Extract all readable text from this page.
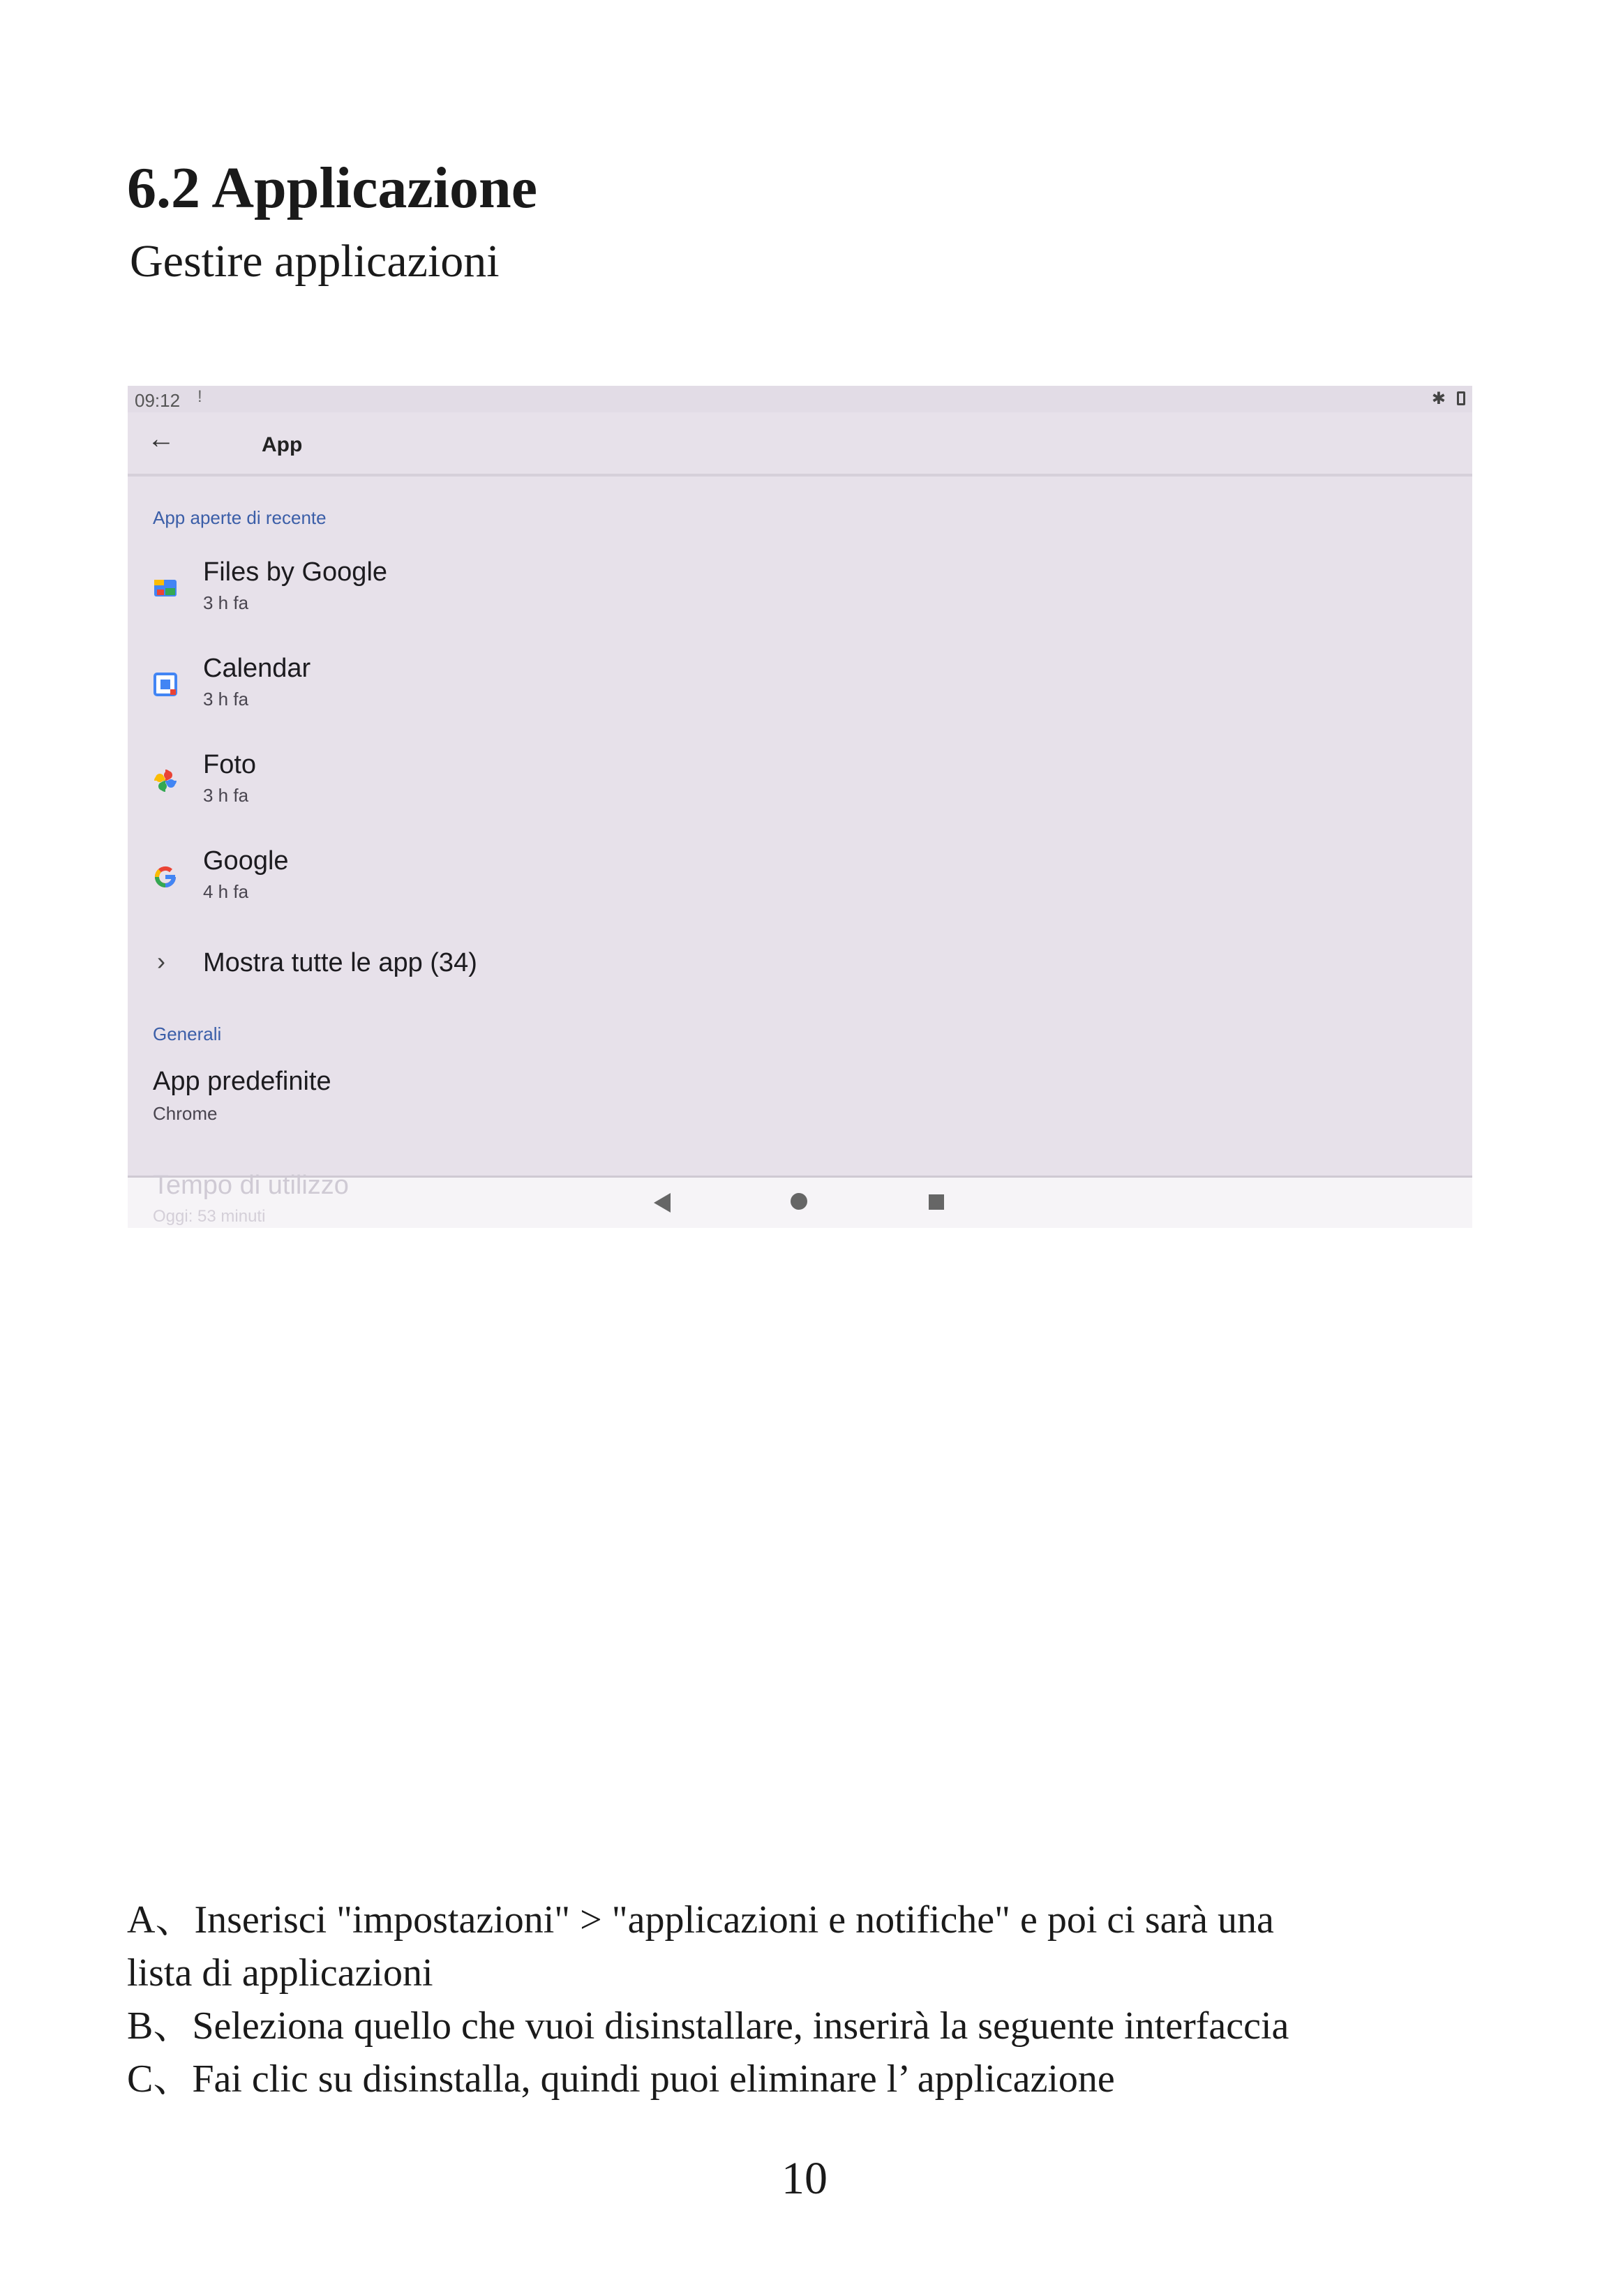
6.2 Applicazione
Gestire applicazioni
09:12 !	✱
←	App
App aperte di recente
Files by Google
3 h fa
Calendar
3 h fa
Foto
3 h fa
Google
4 h fa
› Mostra tutte le app (34)
Generali
App predefinite
Chrome
Tempo di utilizzo
Oggi: 53 minuti
A、Inserisci "impostazioni" > "applicazioni e notifiche" e poi ci sarà una
lista di applicazioni
B、Seleziona quello che vuoi disinstallare, inserirà la seguente interfaccia
C、Fai clic su disinstalla, quindi puoi eliminare l’ applicazione
10
